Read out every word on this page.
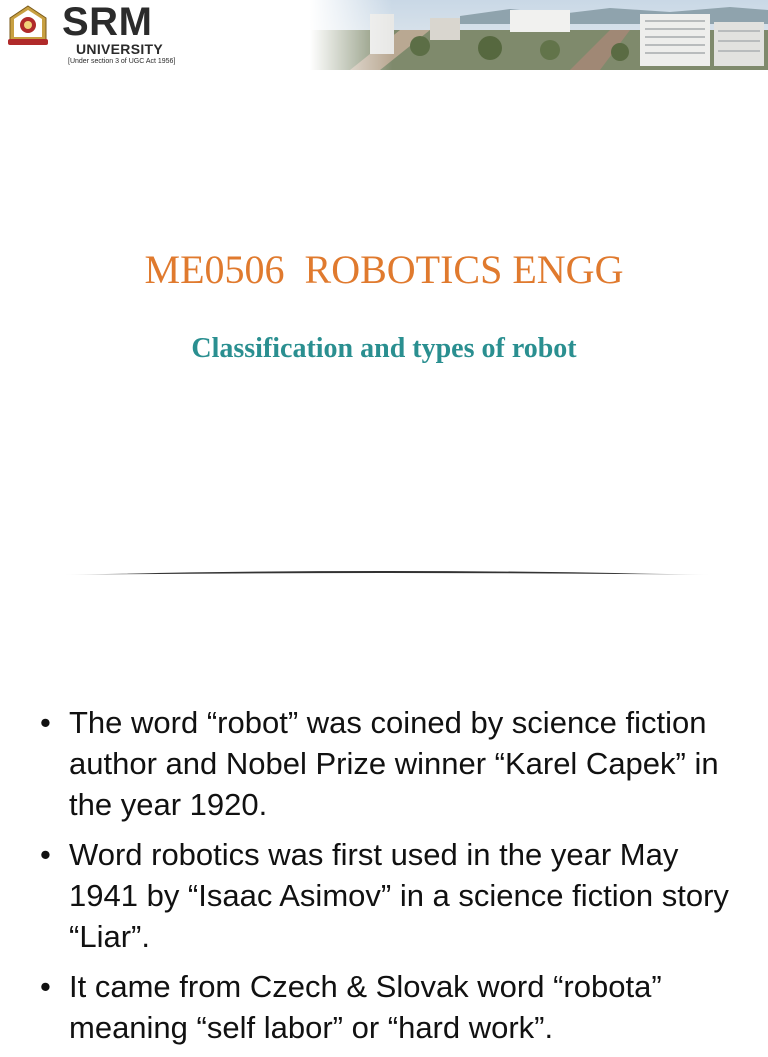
SRM
UNIVERSITY
[Under section 3 of UGC Act 1956]
ME0506  ROBOTICS ENGG
Classification and types of robot
• The word “robot” was coined by science fiction author and Nobel Prize winner “Karel Capek” in the year 1920.
• Word robotics was first used in the year May 1941 by “Isaac Asimov” in a science fiction story “Liar”.
• It came from Czech & Slovak word “robota” meaning “self labor” or “hard work”.
